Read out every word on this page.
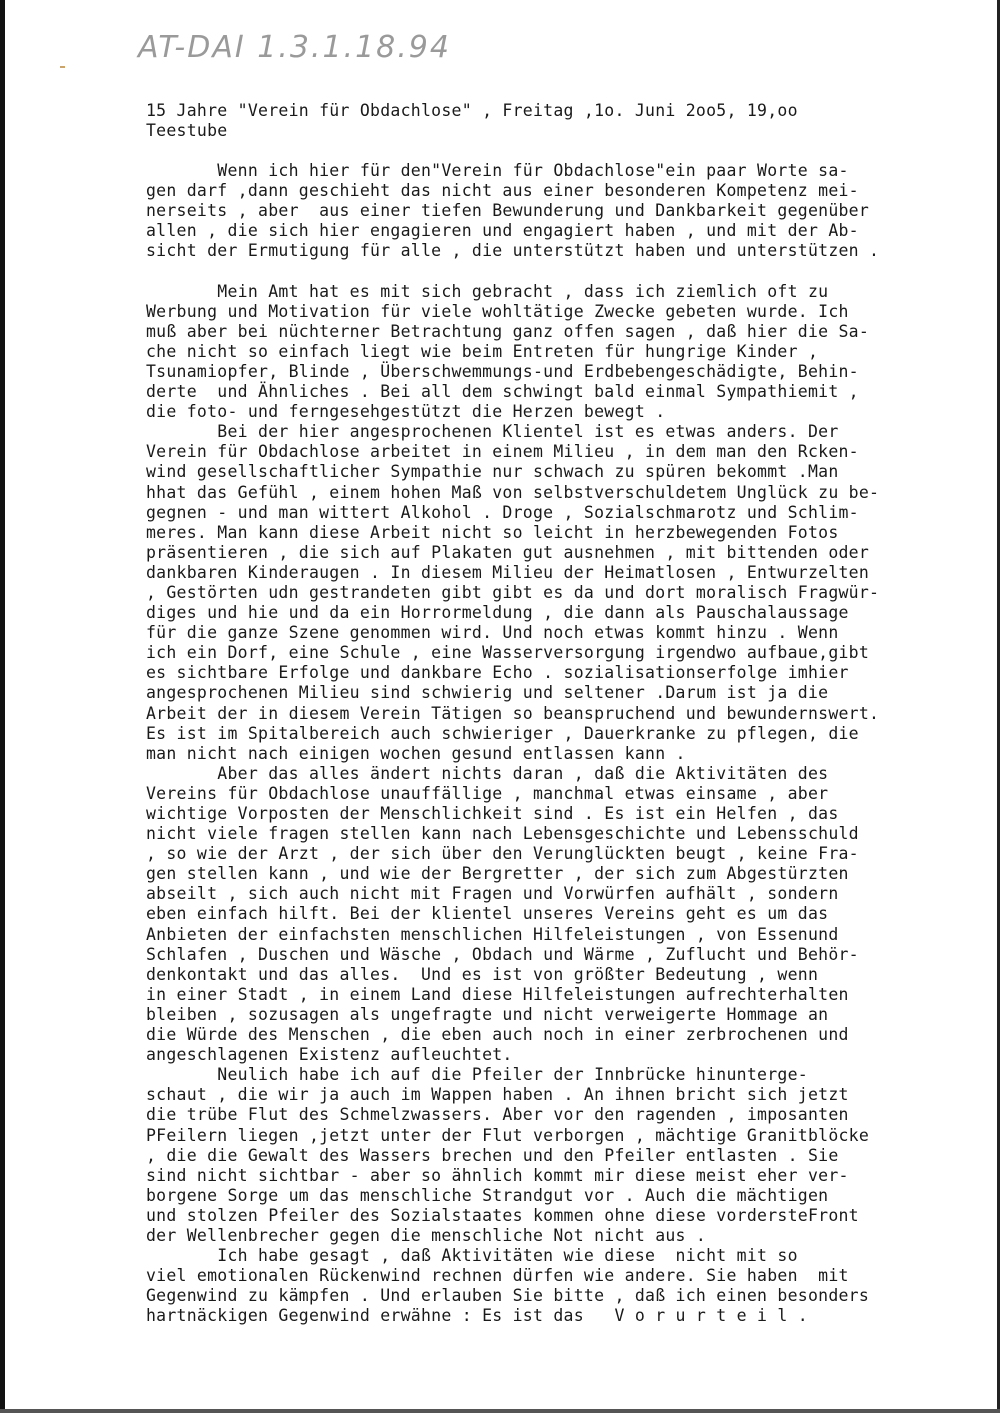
AT-DAI 1.3.1.18.94
15 Jahre "Verein für Obdachlose" , Freitag ,1o. Juni 2oo5, 19,oo
Teestube
Wenn ich hier für den"Verein für Obdachlose"ein paar Worte sa-
gen darf ,dann geschieht das nicht aus einer besonderen Kompetenz mei-
nerseits , aber  aus einer tiefen Bewunderung und Dankbarkeit gegenüber
allen , die sich hier engagieren und engagiert haben , und mit der Ab-
sicht der Ermutigung für alle , die unterstützt haben und unterstützen .
Mein Amt hat es mit sich gebracht , dass ich ziemlich oft zu
Werbung und Motivation für viele wohltätige Zwecke gebeten wurde. Ich
muß aber bei nüchterner Betrachtung ganz offen sagen , daß hier die Sa-
che nicht so einfach liegt wie beim Entreten für hungrige Kinder ,
Tsunamiopfer, Blinde , Überschwemmungs-und Erdbebengeschädigte, Behin-
derte  und Ähnliches . Bei all dem schwingt bald einmal Sympathiemit ,
die foto- und ferngesehgestützt die Herzen bewegt .
Bei der hier angesprochenen Klientel ist es etwas anders. Der
Verein für Obdachlose arbeitet in einem Milieu , in dem man den Rcken-
wind gesellschaftlicher Sympathie nur schwach zu spüren bekommt .Man
hhat das Gefühl , einem hohen Maß von selbstverschuldetem Unglück zu be-
gegnen - und man wittert Alkohol . Droge , Sozialschmarotz und Schlim-
meres. Man kann diese Arbeit nicht so leicht in herzbewegenden Fotos
präsentieren , die sich auf Plakaten gut ausnehmen , mit bittenden oder
dankbaren Kinderaugen . In diesem Milieu der Heimatlosen , Entwurzelten
, Gestörten udn gestrandeten gibt gibt es da und dort moralisch Fragwür-
diges und hie und da ein Horrormeldung , die dann als Pauschalaussage
für die ganze Szene genommen wird. Und noch etwas kommt hinzu . Wenn
ich ein Dorf, eine Schule , eine Wasserversorgung irgendwo aufbaue,gibt
es sichtbare Erfolge und dankbare Echo . sozialisationserfolge imhier
angesprochenen Milieu sind schwierig und seltener .Darum ist ja die
Arbeit der in diesem Verein Tätigen so beanspruchend und bewundernswert.
Es ist im Spitalbereich auch schwieriger , Dauerkranke zu pflegen, die
man nicht nach einigen wochen gesund entlassen kann .
Aber das alles ändert nichts daran , daß die Aktivitäten des
Vereins für Obdachlose unauffällige , manchmal etwas einsame , aber
wichtige Vorposten der Menschlichkeit sind . Es ist ein Helfen , das
nicht viele fragen stellen kann nach Lebensgeschichte und Lebensschuld
, so wie der Arzt , der sich über den Verunglückten beugt , keine Fra-
gen stellen kann , und wie der Bergretter , der sich zum Abgestürzten
abseilt , sich auch nicht mit Fragen und Vorwürfen aufhält , sondern
eben einfach hilft. Bei der klientel unseres Vereins geht es um das
Anbieten der einfachsten menschlichen Hilfeleistungen , von Essenund
Schlafen , Duschen und Wäsche , Obdach und Wärme , Zuflucht und Behör-
denkontakt und das alles.  Und es ist von größter Bedeutung , wenn
in einer Stadt , in einem Land diese Hilfeleistungen aufrechterhalten
bleiben , sozusagen als ungefragte und nicht verweigerte Hommage an
die Würde des Menschen , die eben auch noch in einer zerbrochenen und
angeschlagenen Existenz aufleuchtet.
Neulich habe ich auf die Pfeiler der Innbrücke hinunterge-
schaut , die wir ja auch im Wappen haben . An ihnen bricht sich jetzt
die trübe Flut des Schmelzwassers. Aber vor den ragenden , imposanten
PFeilern liegen ,jetzt unter der Flut verborgen , mächtige Granitblöcke
, die die Gewalt des Wassers brechen und den Pfeiler entlasten . Sie
sind nicht sichtbar - aber so ähnlich kommt mir diese meist eher ver-
borgene Sorge um das menschliche Strandgut vor . Auch die mächtigen
und stolzen Pfeiler des Sozialstaates kommen ohne diese vordersteFront
der Wellenbrecher gegen die menschliche Not nicht aus .
Ich habe gesagt , daß Aktivitäten wie diese  nicht mit so
viel emotionalen Rückenwind rechnen dürfen wie andere. Sie haben  mit
Gegenwind zu kämpfen . Und erlauben Sie bitte , daß ich einen besonders
hartnäckigen Gegenwind erwähne : Es ist das   V o r u r t e i l .
